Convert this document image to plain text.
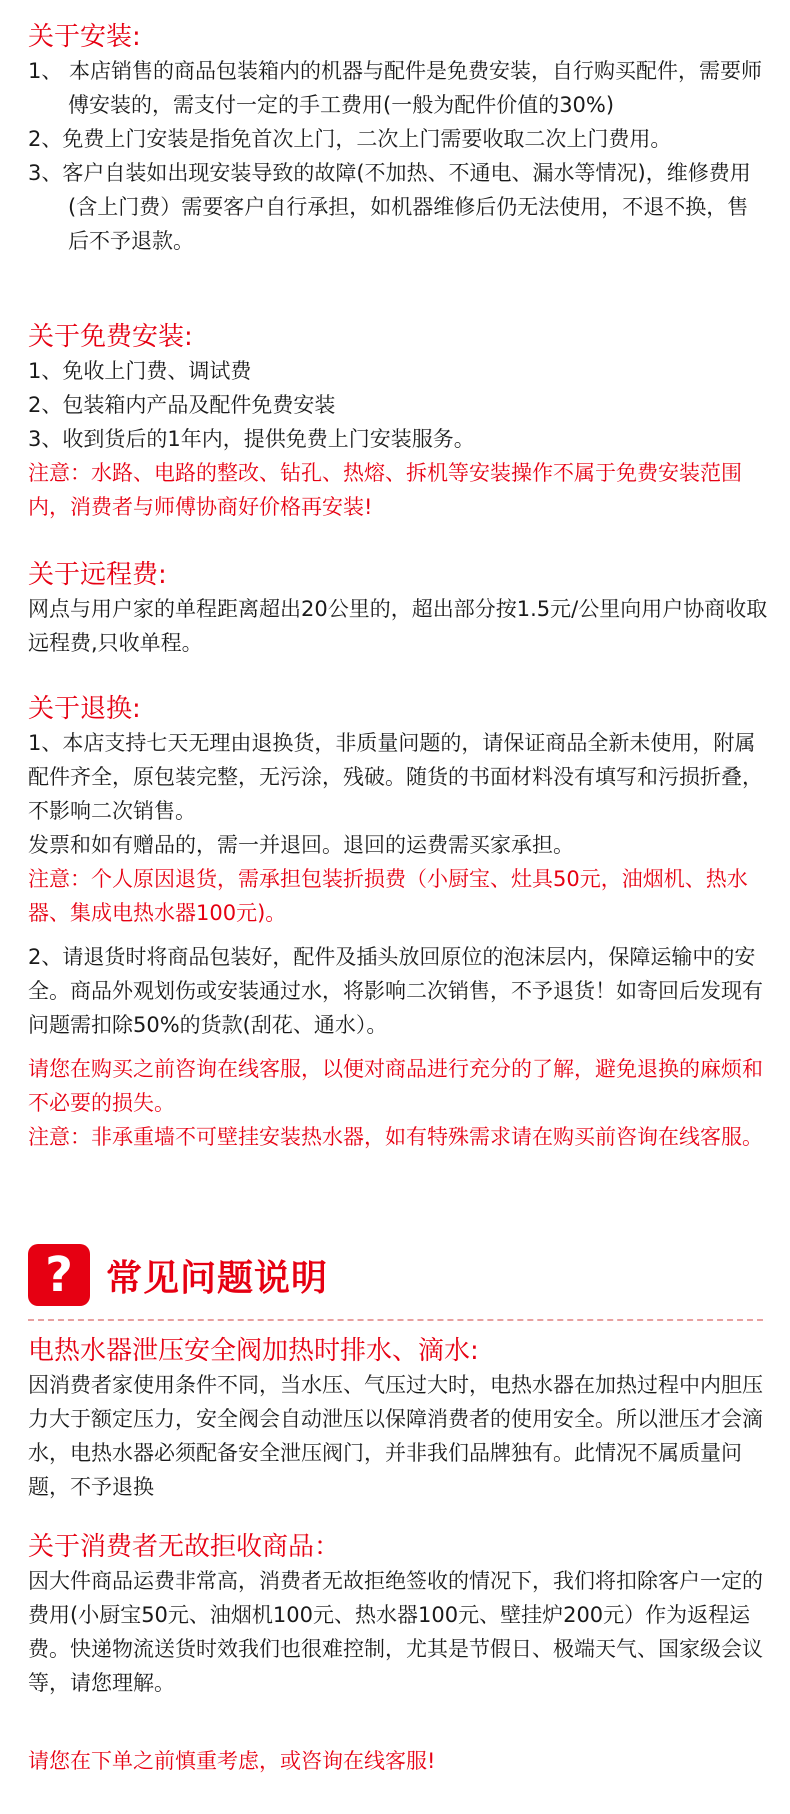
关于安装:
1、 本店销售的商品包装箱内的机器与配件是免费安装，自行购买配件，需要师傅安装的，需支付一定的手工费用(一般为配件价值的30%)
2、免费上门安装是指免首次上门，二次上门需要收取二次上门费用。
3、客户自装如出现安装导致的故障(不加热、不通电、漏水等情况)，维修费用(含上门费）需要客户自行承担，如机器维修后仍无法使用，不退不换，售后不予退款。
关于免费安装:
1、免收上门费、调试费
2、包装箱内产品及配件免费安装
3、收到货后的1年内，提供免费上门安装服务。
注意：水路、电路的整改、钻孔、热熔、拆机等安装操作不属于免费安装范围内，消费者与师傅协商好价格再安装!
关于远程费:
网点与用户家的单程距离超出20公里的，超出部分按1.5元/公里向用户协商收取远程费,只收单程。
关于退换:
1、本店支持七天无理由退换货，非质量问题的，请保证商品全新未使用，附属配件齐全，原包装完整，无污涂，残破。随货的书面材料没有填写和污损折叠，不影响二次销售。
发票和如有赠品的，需一并退回。退回的运费需买家承担。
注意：个人原因退货，需承担包装折损费（小厨宝、灶具50元，油烟机、热水器、集成电热水器100元)。
2、请退货时将商品包装好，配件及插头放回原位的泡沫层内，保障运输中的安全。商品外观划伤或安装通过水，将影响二次销售，不予退货！如寄回后发现有问题需扣除50%的货款(刮花、通水）。
请您在购买之前咨询在线客服，以便对商品进行充分的了解，避免退换的麻烦和不必要的损失。
注意：非承重墙不可壁挂安装热水器，如有特殊需求请在购买前咨询在线客服。
? 常见问题说明
电热水器泄压安全阀加热时排水、滴水:
因消费者家使用条件不同，当水压、气压过大时，电热水器在加热过程中内胆压力大于额定压力，安全阀会自动泄压以保障消费者的使用安全。所以泄压才会滴水，电热水器必须配备安全泄压阀门，并非我们品牌独有。此情况不属质量问题，不予退换
关于消费者无故拒收商品：
因大件商品运费非常高，消费者无故拒绝签收的情况下，我们将扣除客户一定的费用(小厨宝50元、油烟机100元、热水器100元、壁挂炉200元）作为返程运费。快递物流送货时效我们也很难控制，尤其是节假日、极端天气、国家级会议等，请您理解。
请您在下单之前慎重考虑，或咨询在线客服!
